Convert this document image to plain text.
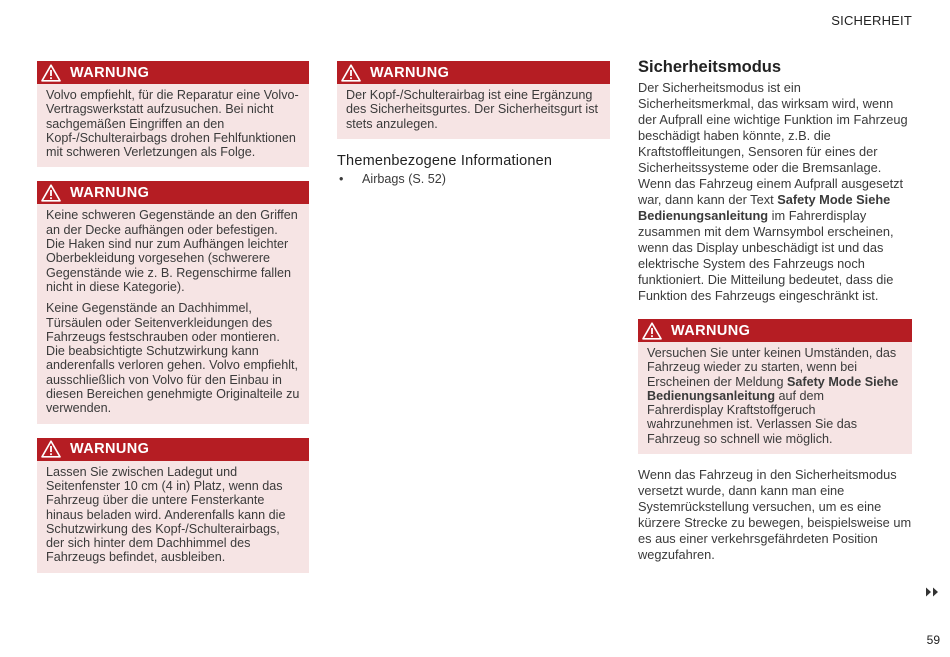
SICHERHEIT
WARNUNG

Volvo empfiehlt, für die Reparatur eine Volvo-Vertragswerkstatt aufzusuchen. Bei nicht sachgemäßen Eingriffen an den Kopf-/Schulterairbags drohen Fehlfunktionen mit schweren Verletzungen als Folge.

WARNUNG

Keine schweren Gegenstände an den Griffen an der Decke aufhängen oder befestigen. Die Haken sind nur zum Aufhängen leichter Oberbekleidung vorgesehen (schwerere Gegenstände wie z. B. Regenschirme fallen nicht in diese Kategorie).

Keine Gegenstände an Dachhimmel, Türsäulen oder Seitenverkleidungen des Fahrzeugs festschrauben oder montieren. Die beabsichtigte Schutzwirkung kann anderenfalls verloren gehen. Volvo empfiehlt, ausschließlich von Volvo für den Einbau in diesen Bereichen genehmigte Originalteile zu verwenden.

WARNUNG

Lassen Sie zwischen Ladegut und Seitenfenster 10 cm (4 in) Platz, wenn das Fahrzeug über die untere Fensterkante hinaus beladen wird. Anderenfalls kann die Schutzwirkung des Kopf-/Schulterairbags, der sich hinter dem Dachhimmel des Fahrzeugs befindet, ausbleiben.

WARNUNG

Der Kopf-/Schulterairbag ist eine Ergänzung des Sicherheitsgurtes. Der Sicherheitsgurt ist stets anzulegen.

Themenbezogene Informationen
•	Airbags (S. 52)
Sicherheitsmodus

Der Sicherheitsmodus ist ein Sicherheitsmerkmal, das wirksam wird, wenn der Aufprall eine wichtige Funktion im Fahrzeug beschädigt haben könnte, z.B. die Kraftstoffleitungen, Sensoren für eines der Sicherheitssysteme oder die Bremsanlage.

Wenn das Fahrzeug einem Aufprall ausgesetzt war, dann kann der Text Safety Mode Siehe Bedienungsanleitung im Fahrerdisplay zusammen mit dem Warnsymbol erscheinen, wenn das Display unbeschädigt ist und das elektrische System des Fahrzeugs noch funktioniert. Die Mitteilung bedeutet, dass die Funktion des Fahrzeugs eingeschränkt ist.

WARNUNG

Versuchen Sie unter keinen Umständen, das Fahrzeug wieder zu starten, wenn bei Erscheinen der Meldung Safety Mode Siehe Bedienungsanleitung auf dem Fahrerdisplay Kraftstoffgeruch wahrzunehmen ist. Verlassen Sie das Fahrzeug so schnell wie möglich.

Wenn das Fahrzeug in den Sicherheitsmodus versetzt wurde, dann kann man eine Systemrückstellung versuchen, um es eine kürzere Strecke zu bewegen, beispielsweise um es aus einer verkehrsgefährdeten Position wegzufahren.

59
